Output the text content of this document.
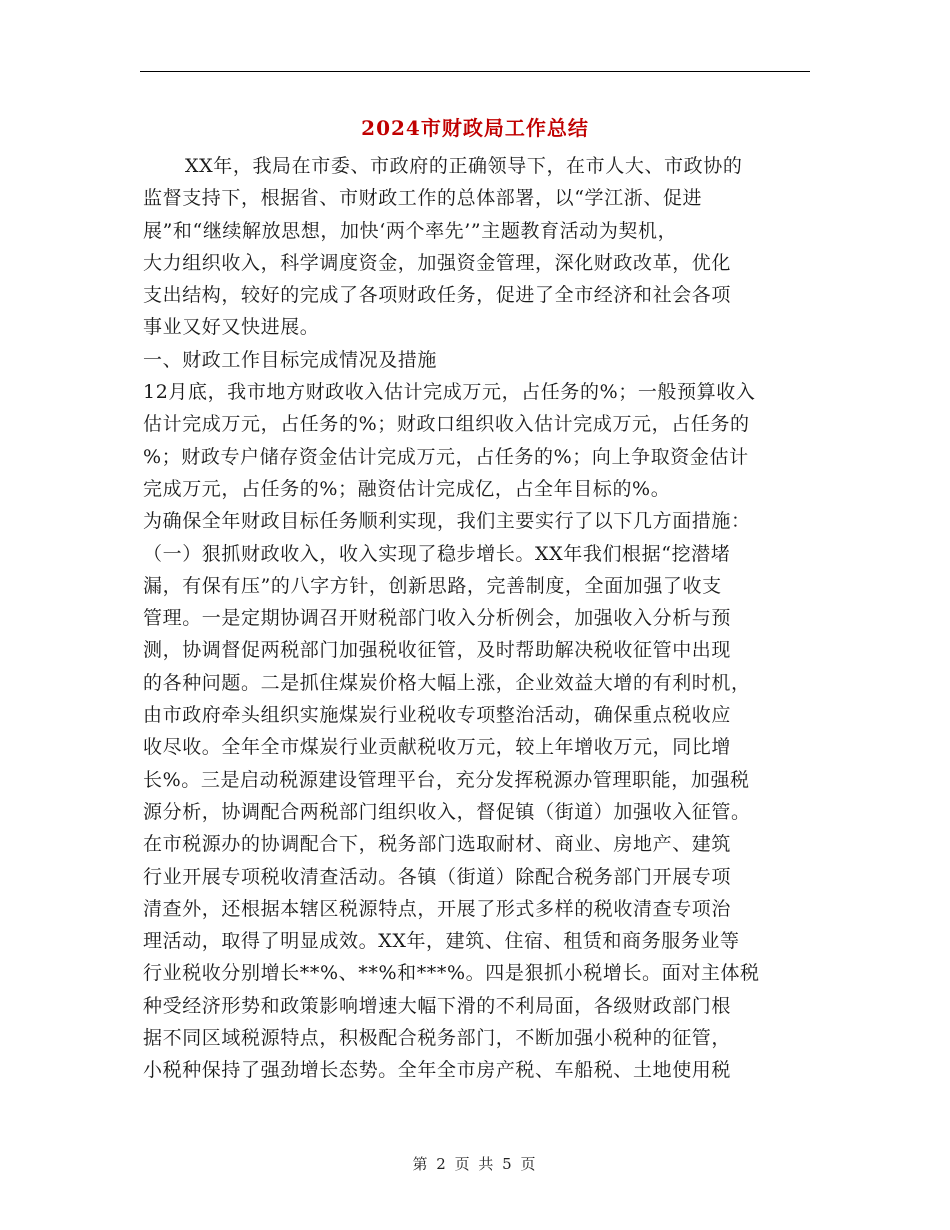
2024市财政局工作总结
XX年，我局在市委、市政府的正确领导下，在市人大、市政协的
监督支持下，根据省、市财政工作的总体部署，以“学江浙、促进
展”和“继续解放思想，加快‘两个率先’”主题教育活动为契机，
大力组织收入，科学调度资金，加强资金管理，深化财政改革，优化
支出结构，较好的完成了各项财政任务，促进了全市经济和社会各项
事业又好又快进展。
一、财政工作目标完成情况及措施
12月底，我市地方财政收入估计完成万元，占任务的%；一般预算收入
估计完成万元，占任务的%；财政口组织收入估计完成万元，占任务的
%；财政专户储存资金估计完成万元，占任务的%；向上争取资金估计
完成万元，占任务的%；融资估计完成亿，占全年目标的%。
为确保全年财政目标任务顺利实现，我们主要实行了以下几方面措施：
（一）狠抓财政收入，收入实现了稳步增长。XX年我们根据“挖潜堵
漏，有保有压”的八字方针，创新思路，完善制度，全面加强了收支
管理。一是定期协调召开财税部门收入分析例会，加强收入分析与预
测，协调督促两税部门加强税收征管，及时帮助解决税收征管中出现
的各种问题。二是抓住煤炭价格大幅上涨，企业效益大增的有利时机，
由市政府牵头组织实施煤炭行业税收专项整治活动，确保重点税收应
收尽收。全年全市煤炭行业贡献税收万元，较上年增收万元，同比增
长%。三是启动税源建设管理平台，充分发挥税源办管理职能，加强税
源分析，协调配合两税部门组织收入，督促镇（街道）加强收入征管。
在市税源办的协调配合下，税务部门选取耐材、商业、房地产、建筑
行业开展专项税收清查活动。各镇（街道）除配合税务部门开展专项
清查外，还根据本辖区税源特点，开展了形式多样的税收清查专项治
理活动，取得了明显成效。XX年，建筑、住宿、租赁和商务服务业等
行业税收分别增长**%、**%和***%。四是狠抓小税增长。面对主体税
种受经济形势和政策影响增速大幅下滑的不利局面，各级财政部门根
据不同区域税源特点，积极配合税务部门，不断加强小税种的征管，
小税种保持了强劲增长态势。全年全市房产税、车船税、土地使用税
第 2 页 共 5 页
